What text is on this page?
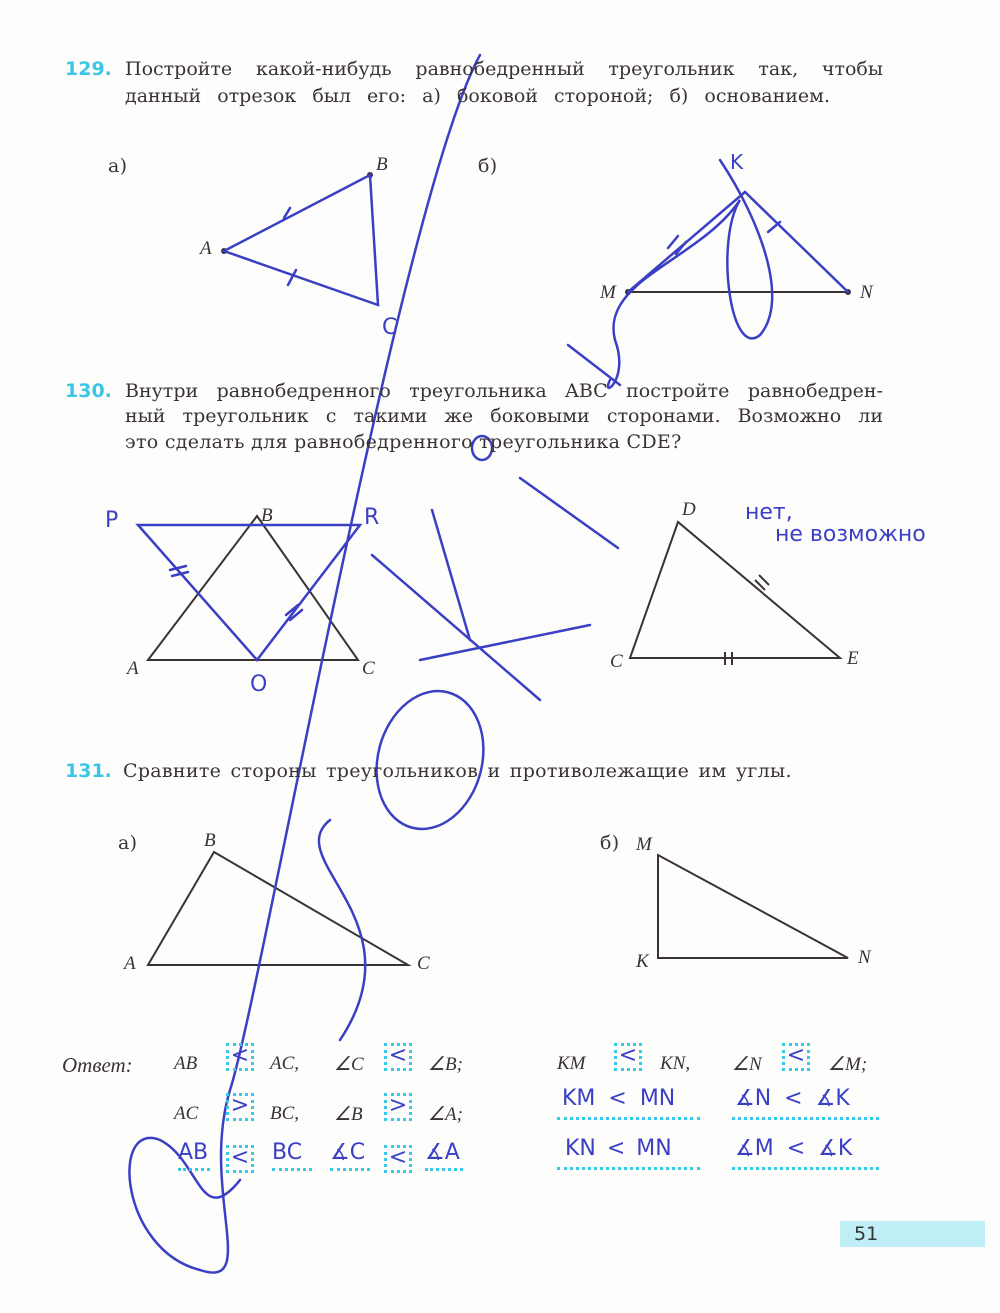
129. Постройте какой-нибудь равнобедренный треугольник так, чтобы
данный отрезок был его: а) боковой стороной; б) основанием.
а)
A
B
C
б)
M	N
K
130. Внутри равнобедренного треугольника ABC постройте равнобедрен-
ный треугольник с такими же боковыми сторонами. Возможно ли
это сделать для равнобедренного треугольника CDE?
A
B
C
D
E
C
P	R
O
нет,
не возможно
131. Сравните стороны треугольников и противолежащие им углы.
а)
A
B
C
б) M
K	N
Ответ: AB < AC, ∠C < ∠B;
AC > BC, ∠B > ∠A;
AB < BC ∡C < ∡A
KM < KN, ∠N < ∠M;
KM < MN	∡N < ∡K
KN < MN	∡M < ∡K
51
